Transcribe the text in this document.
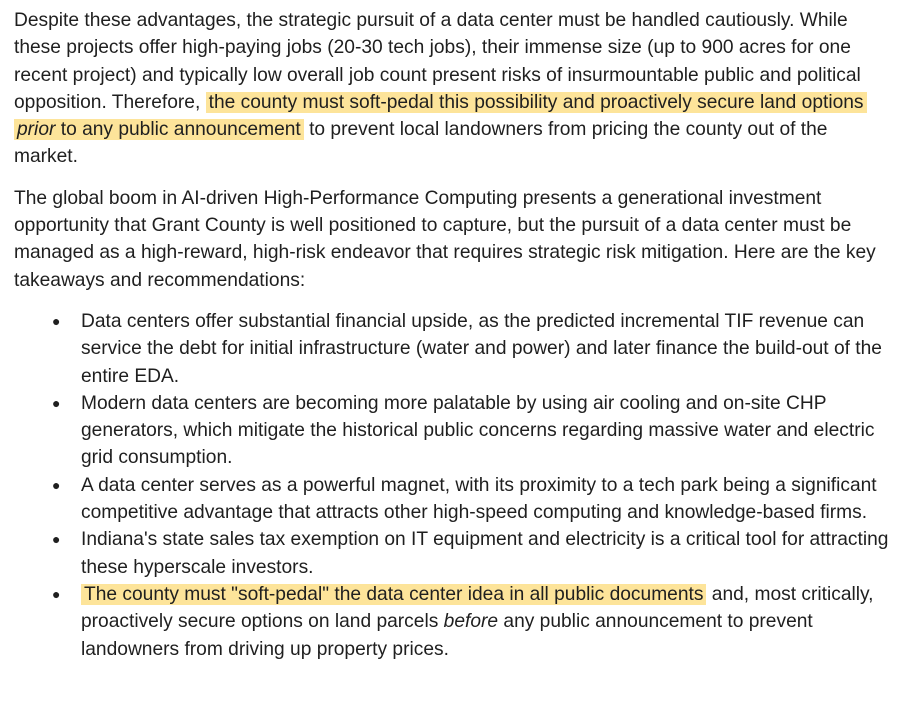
Despite these advantages, the strategic pursuit of a data center must be handled cautiously. While these projects offer high-paying jobs (20-30 tech jobs), their immense size (up to 900 acres for one recent project) and typically low overall job count present risks of insurmountable public and political opposition. Therefore, the county must soft-pedal this possibility and proactively secure land options prior to any public announcement to prevent local landowners from pricing the county out of the market.

The global boom in AI-driven High-Performance Computing presents a generational investment opportunity that Grant County is well positioned to capture, but the pursuit of a data center must be managed as a high-reward, high-risk endeavor that requires strategic risk mitigation. Here are the key takeaways and recommendations:

● Data centers offer substantial financial upside, as the predicted incremental TIF revenue can service the debt for initial infrastructure (water and power) and later finance the build-out of the entire EDA.
● Modern data centers are becoming more palatable by using air cooling and on-site CHP generators, which mitigate the historical public concerns regarding massive water and electric grid consumption.
● A data center serves as a powerful magnet, with its proximity to a tech park being a significant competitive advantage that attracts other high-speed computing and knowledge-based firms.
● Indiana's state sales tax exemption on IT equipment and electricity is a critical tool for attracting these hyperscale investors.
● The county must "soft-pedal" the data center idea in all public documents and, most critically, proactively secure options on land parcels before any public announcement to prevent landowners from driving up property prices.
